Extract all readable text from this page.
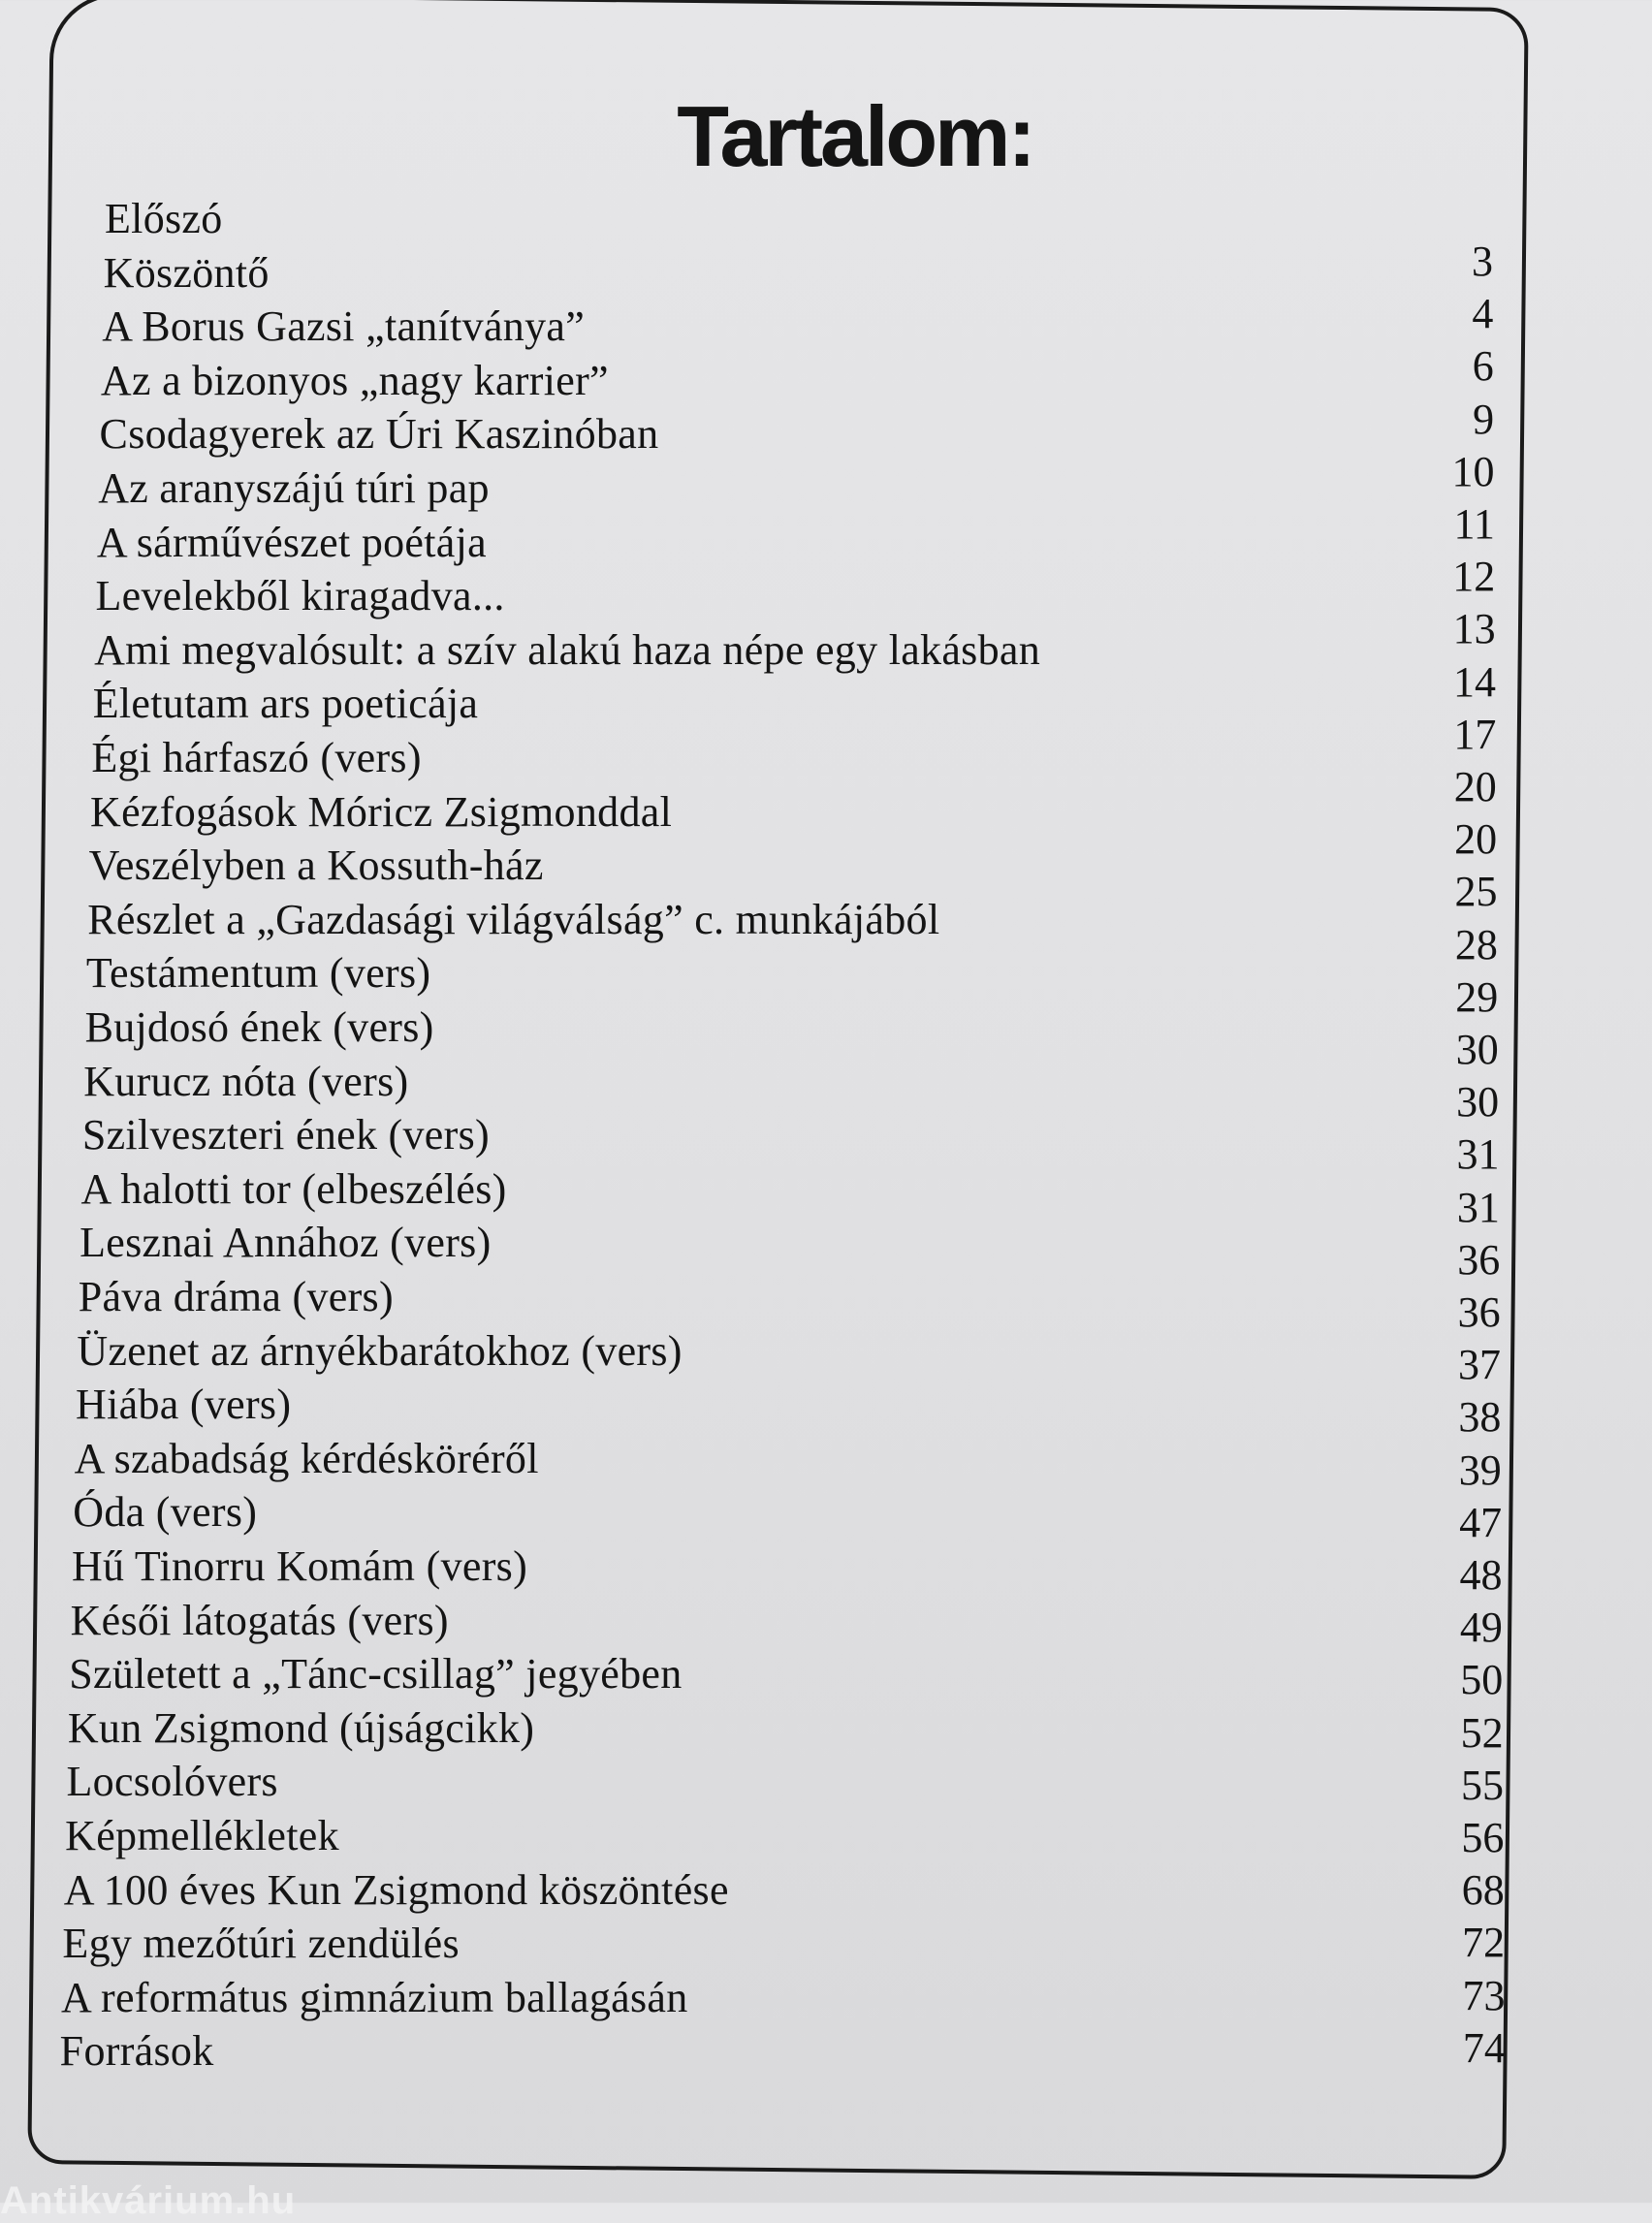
Tartalom:
Előszó
Köszöntő
A Borus Gazsi „tanítványa”
Az a bizonyos „nagy karrier”
Csodagyerek az Úri Kaszinóban
Az aranyszájú túri pap
A sárművészet poétája
Levelekből kiragadva...
Ami megvalósult: a szív alakú haza népe egy lakásban
Életutam ars poeticája
Égi hárfaszó (vers)
Kézfogások Móricz Zsigmonddal
Veszélyben a Kossuth-ház
Részlet a „Gazdasági világválság” c. munkájából
Testámentum (vers)
Bujdosó ének (vers)
Kurucz nóta (vers)
Szilveszteri ének (vers)
A halotti tor (elbeszélés)
Lesznai Annához (vers)
Páva dráma (vers)
Üzenet az árnyékbarátokhoz (vers)
Hiába (vers)
A szabadság kérdésköréről
Óda (vers)
Hű Tinorru Komám (vers)
Késői látogatás (vers)
Született a „Tánc-csillag” jegyében
Kun Zsigmond (újságcikk)
Locsolóvers
Képmellékletek
A 100 éves Kun Zsigmond köszöntése
Egy mezőtúri zendülés
A református gimnázium ballagásán
Források
3
4
6
9
10
11
12
13
14
17
20
20
25
28
29
30
30
31
31
36
36
37
38
39
47
48
49
50
52
55
56
68
72
73
74
Antikvárium.hu
